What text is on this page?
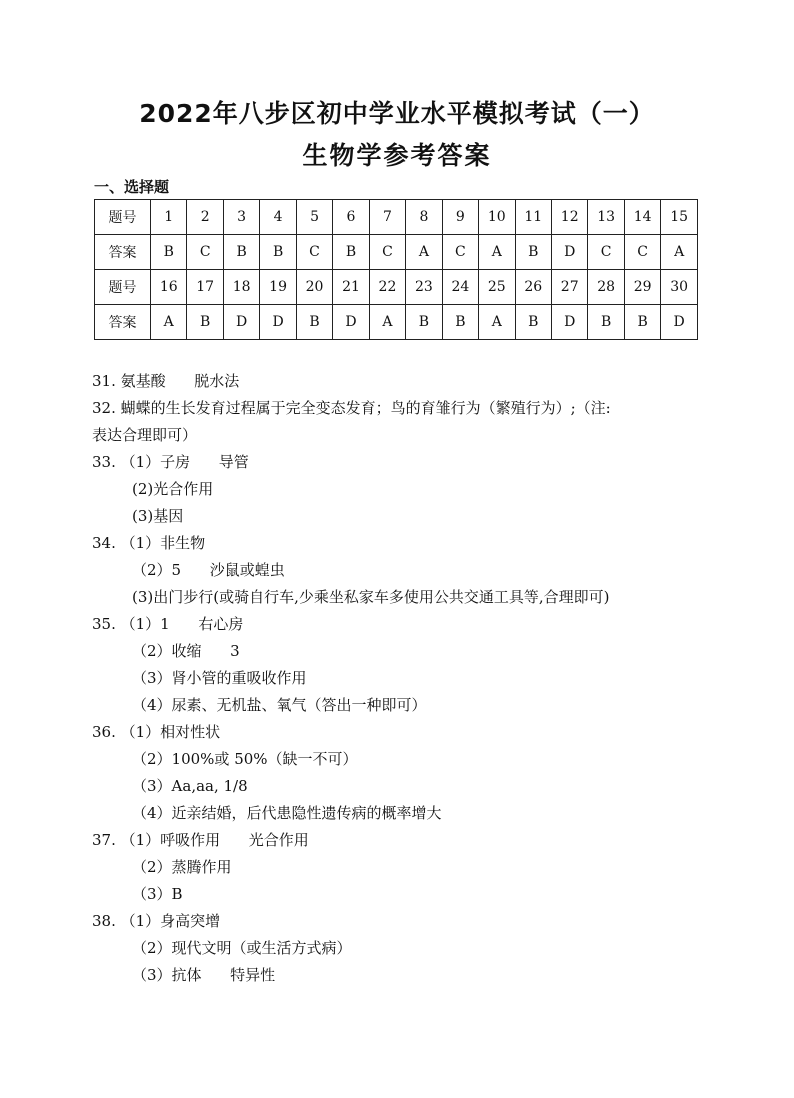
2022年八步区初中学业水平模拟考试（一）
生物学参考答案
一、选择题
题号	1	2	3	4	5	6	7	8	9	10	11	12	13	14	15
答案	B	C	B	B	C	B	C	A	C	A	B	D	C	C	A
题号	16	17	18	19	20	21	22	23	24	25	26	27	28	29	30
答案	A	B	D	D	B	D	A	B	B	A	B	D	B	B	D
31. 氨基酸      脱水法
32. 蝴蝶的生长发育过程属于完全变态发育；鸟的育雏行为（繁殖行为）;（注:
表达合理即可）
33. （1）子房      导管
(2)光合作用
(3)基因
34. （1）非生物
（2）5      沙鼠或蝗虫
(3)出门步行(或骑自行车,少乘坐私家车多使用公共交通工具等,合理即可)
35. （1）1      右心房
（2）收缩      3
（3）肾小管的重吸收作用
（4）尿素、无机盐、氧气（答出一种即可）
36. （1）相对性状
（2）100%或 50%（缺一不可）
（3）Aa,aa, 1/8
（4）近亲结婚，后代患隐性遗传病的概率增大
37. （1）呼吸作用      光合作用
（2）蒸腾作用
（3）B
38. （1）身高突增
（2）现代文明（或生活方式病）
（3）抗体      特异性
